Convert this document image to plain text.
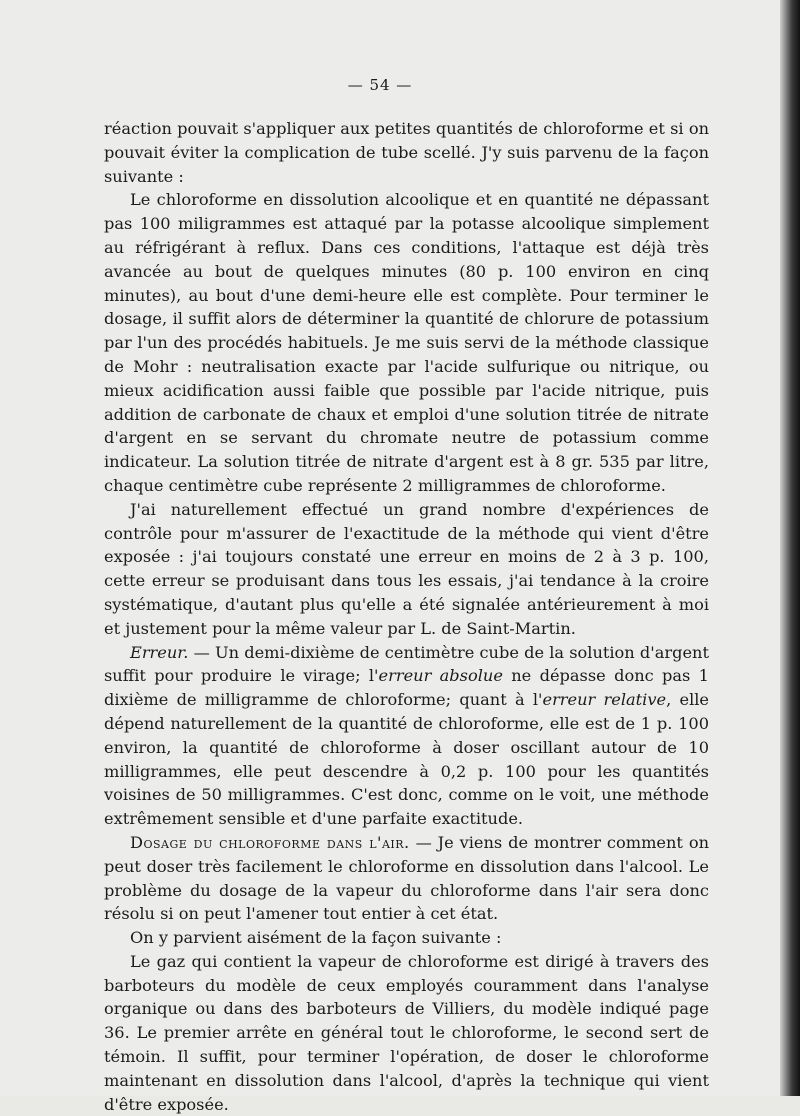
— 54 —

réaction pouvait s'appliquer aux petites quantités de chloroforme et si on pouvait éviter la complication de tube scellé. J'y suis parvenu de la façon suivante :

Le chloroforme en dissolution alcoolique et en quantité ne dépassant pas 100 miligrammes est attaqué par la potasse alcoolique simplement au réfrigérant à reflux. Dans ces conditions, l'attaque est déjà très avancée au bout de quelques minutes (80 p. 100 environ en cinq minutes), au bout d'une demi-heure elle est complète. Pour terminer le dosage, il suffit alors de déterminer la quantité de chlorure de potassium par l'un des procédés habituels. Je me suis servi de la méthode classique de Mohr : neutralisation exacte par l'acide sulfurique ou nitrique, ou mieux acidification aussi faible que possible par l'acide nitrique, puis addition de carbonate de chaux et emploi d'une solution titrée de nitrate d'argent en se servant du chromate neutre de potassium comme indicateur. La solution titrée de nitrate d'argent est à 8 gr. 535 par litre, chaque centimètre cube représente 2 milligrammes de chloroforme.

J'ai naturellement effectué un grand nombre d'expériences de contrôle pour m'assurer de l'exactitude de la méthode qui vient d'être exposée : j'ai toujours constaté une erreur en moins de 2 à 3 p. 100, cette erreur se produisant dans tous les essais, j'ai tendance à la croire systématique, d'autant plus qu'elle a été signalée antérieurement à moi et justement pour la même valeur par L. de Saint-Martin.

Erreur. — Un demi-dixième de centimètre cube de la solution d'argent suffit pour produire le virage; l'erreur absolue ne dépasse donc pas 1 dixième de milligramme de chloroforme; quant à l'erreur relative, elle dépend naturellement de la quantité de chloroforme, elle est de 1 p. 100 environ, la quantité de chloroforme à doser oscillant autour de 10 milligrammes, elle peut descendre à 0,2 p. 100 pour les quantités voisines de 50 milligrammes. C'est donc, comme on le voit, une méthode extrêmement sensible et d'une parfaite exactitude.

Dosage du chloroforme dans l'air. — Je viens de montrer comment on peut doser très facilement le chloroforme en dissolution dans l'alcool. Le problème du dosage de la vapeur du chloroforme dans l'air sera donc résolu si on peut l'amener tout entier à cet état.

On y parvient aisément de la façon suivante :

Le gaz qui contient la vapeur de chloroforme est dirigé à travers des barboteurs du modèle de ceux employés couramment dans l'analyse organique ou dans des barboteurs de Villiers, du modèle indiqué page 36. Le premier arrête en général tout le chloroforme, le second sert de témoin. Il suffit, pour terminer l'opération, de doser le chloroforme maintenant en dissolution dans l'alcool, d'après la technique qui vient d'être exposée.
